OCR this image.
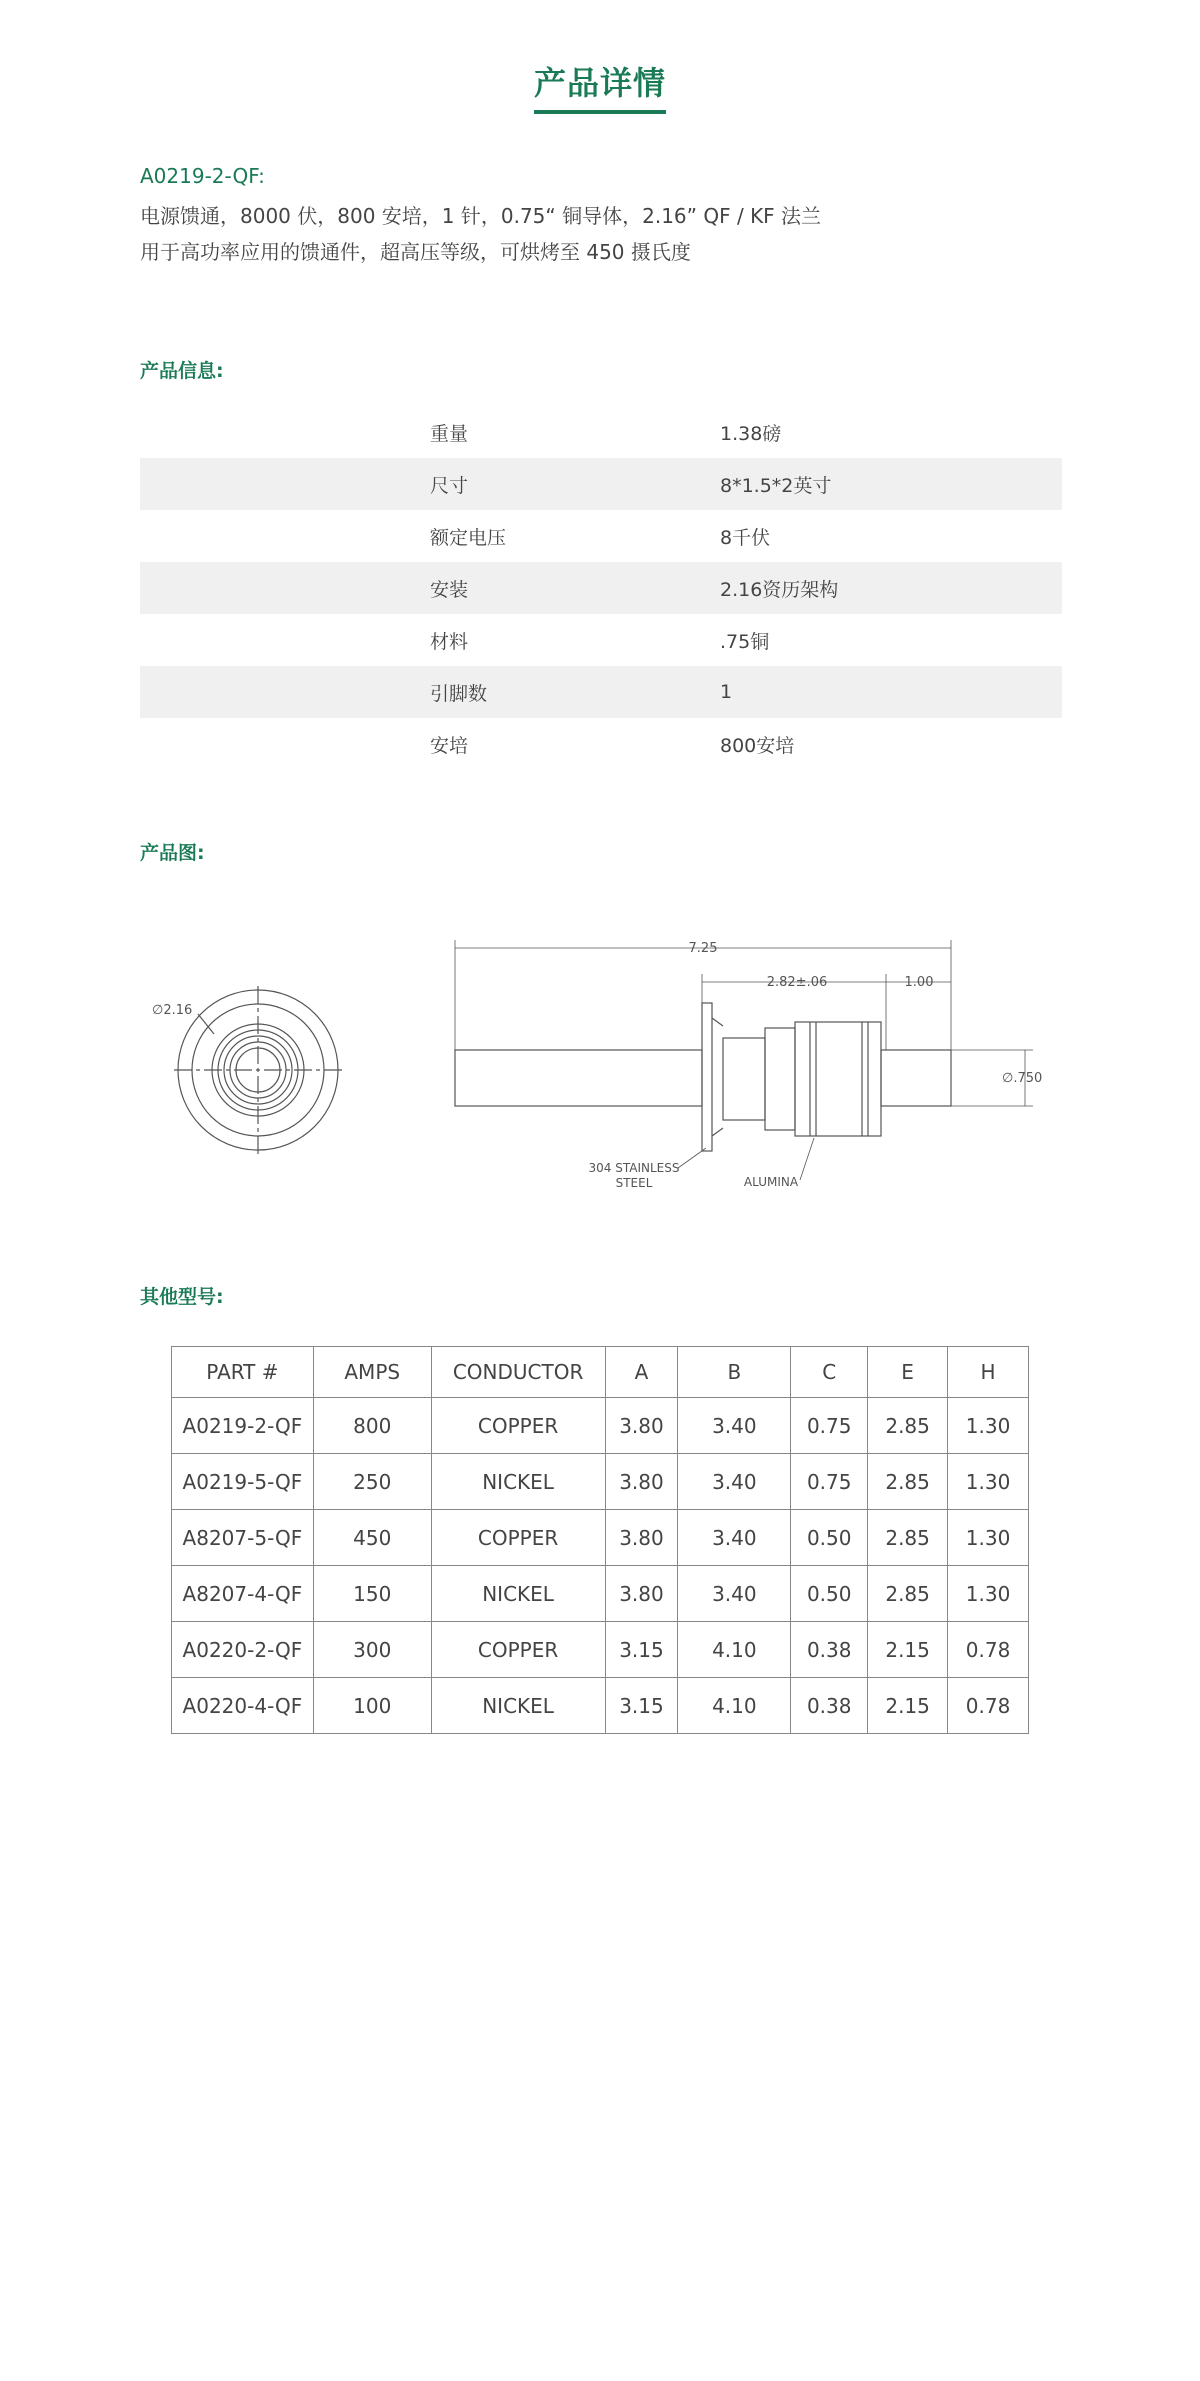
产品详情
A0219-2-QF:
电源馈通，8000 伏，800 安培，1 针，0.75“ 铜导体，2.16” QF / KF 法兰
用于高功率应用的馈通件，超高压等级，可烘烤至 450 摄氏度
产品信息:
重量	1.38磅
尺寸	8*1.5*2英寸
额定电压	8千伏
安装	2.16资历架构
材料	.75铜
引脚数	1
安培	800安培
产品图:
∅2.16
7.25
2.82±.06	1.00
∅.750
304 STAINLESS
STEEL	ALUMINA
其他型号:
PART #	AMPS	CONDUCTOR	A	B	C	E	H
A0219-2-QF	800	COPPER	3.80	3.40	0.75	2.85	1.30
A0219-5-QF	250	NICKEL	3.80	3.40	0.75	2.85	1.30
A8207-5-QF	450	COPPER	3.80	3.40	0.50	2.85	1.30
A8207-4-QF	150	NICKEL	3.80	3.40	0.50	2.85	1.30
A0220-2-QF	300	COPPER	3.15	4.10	0.38	2.15	0.78
A0220-4-QF	100	NICKEL	3.15	4.10	0.38	2.15	0.78
